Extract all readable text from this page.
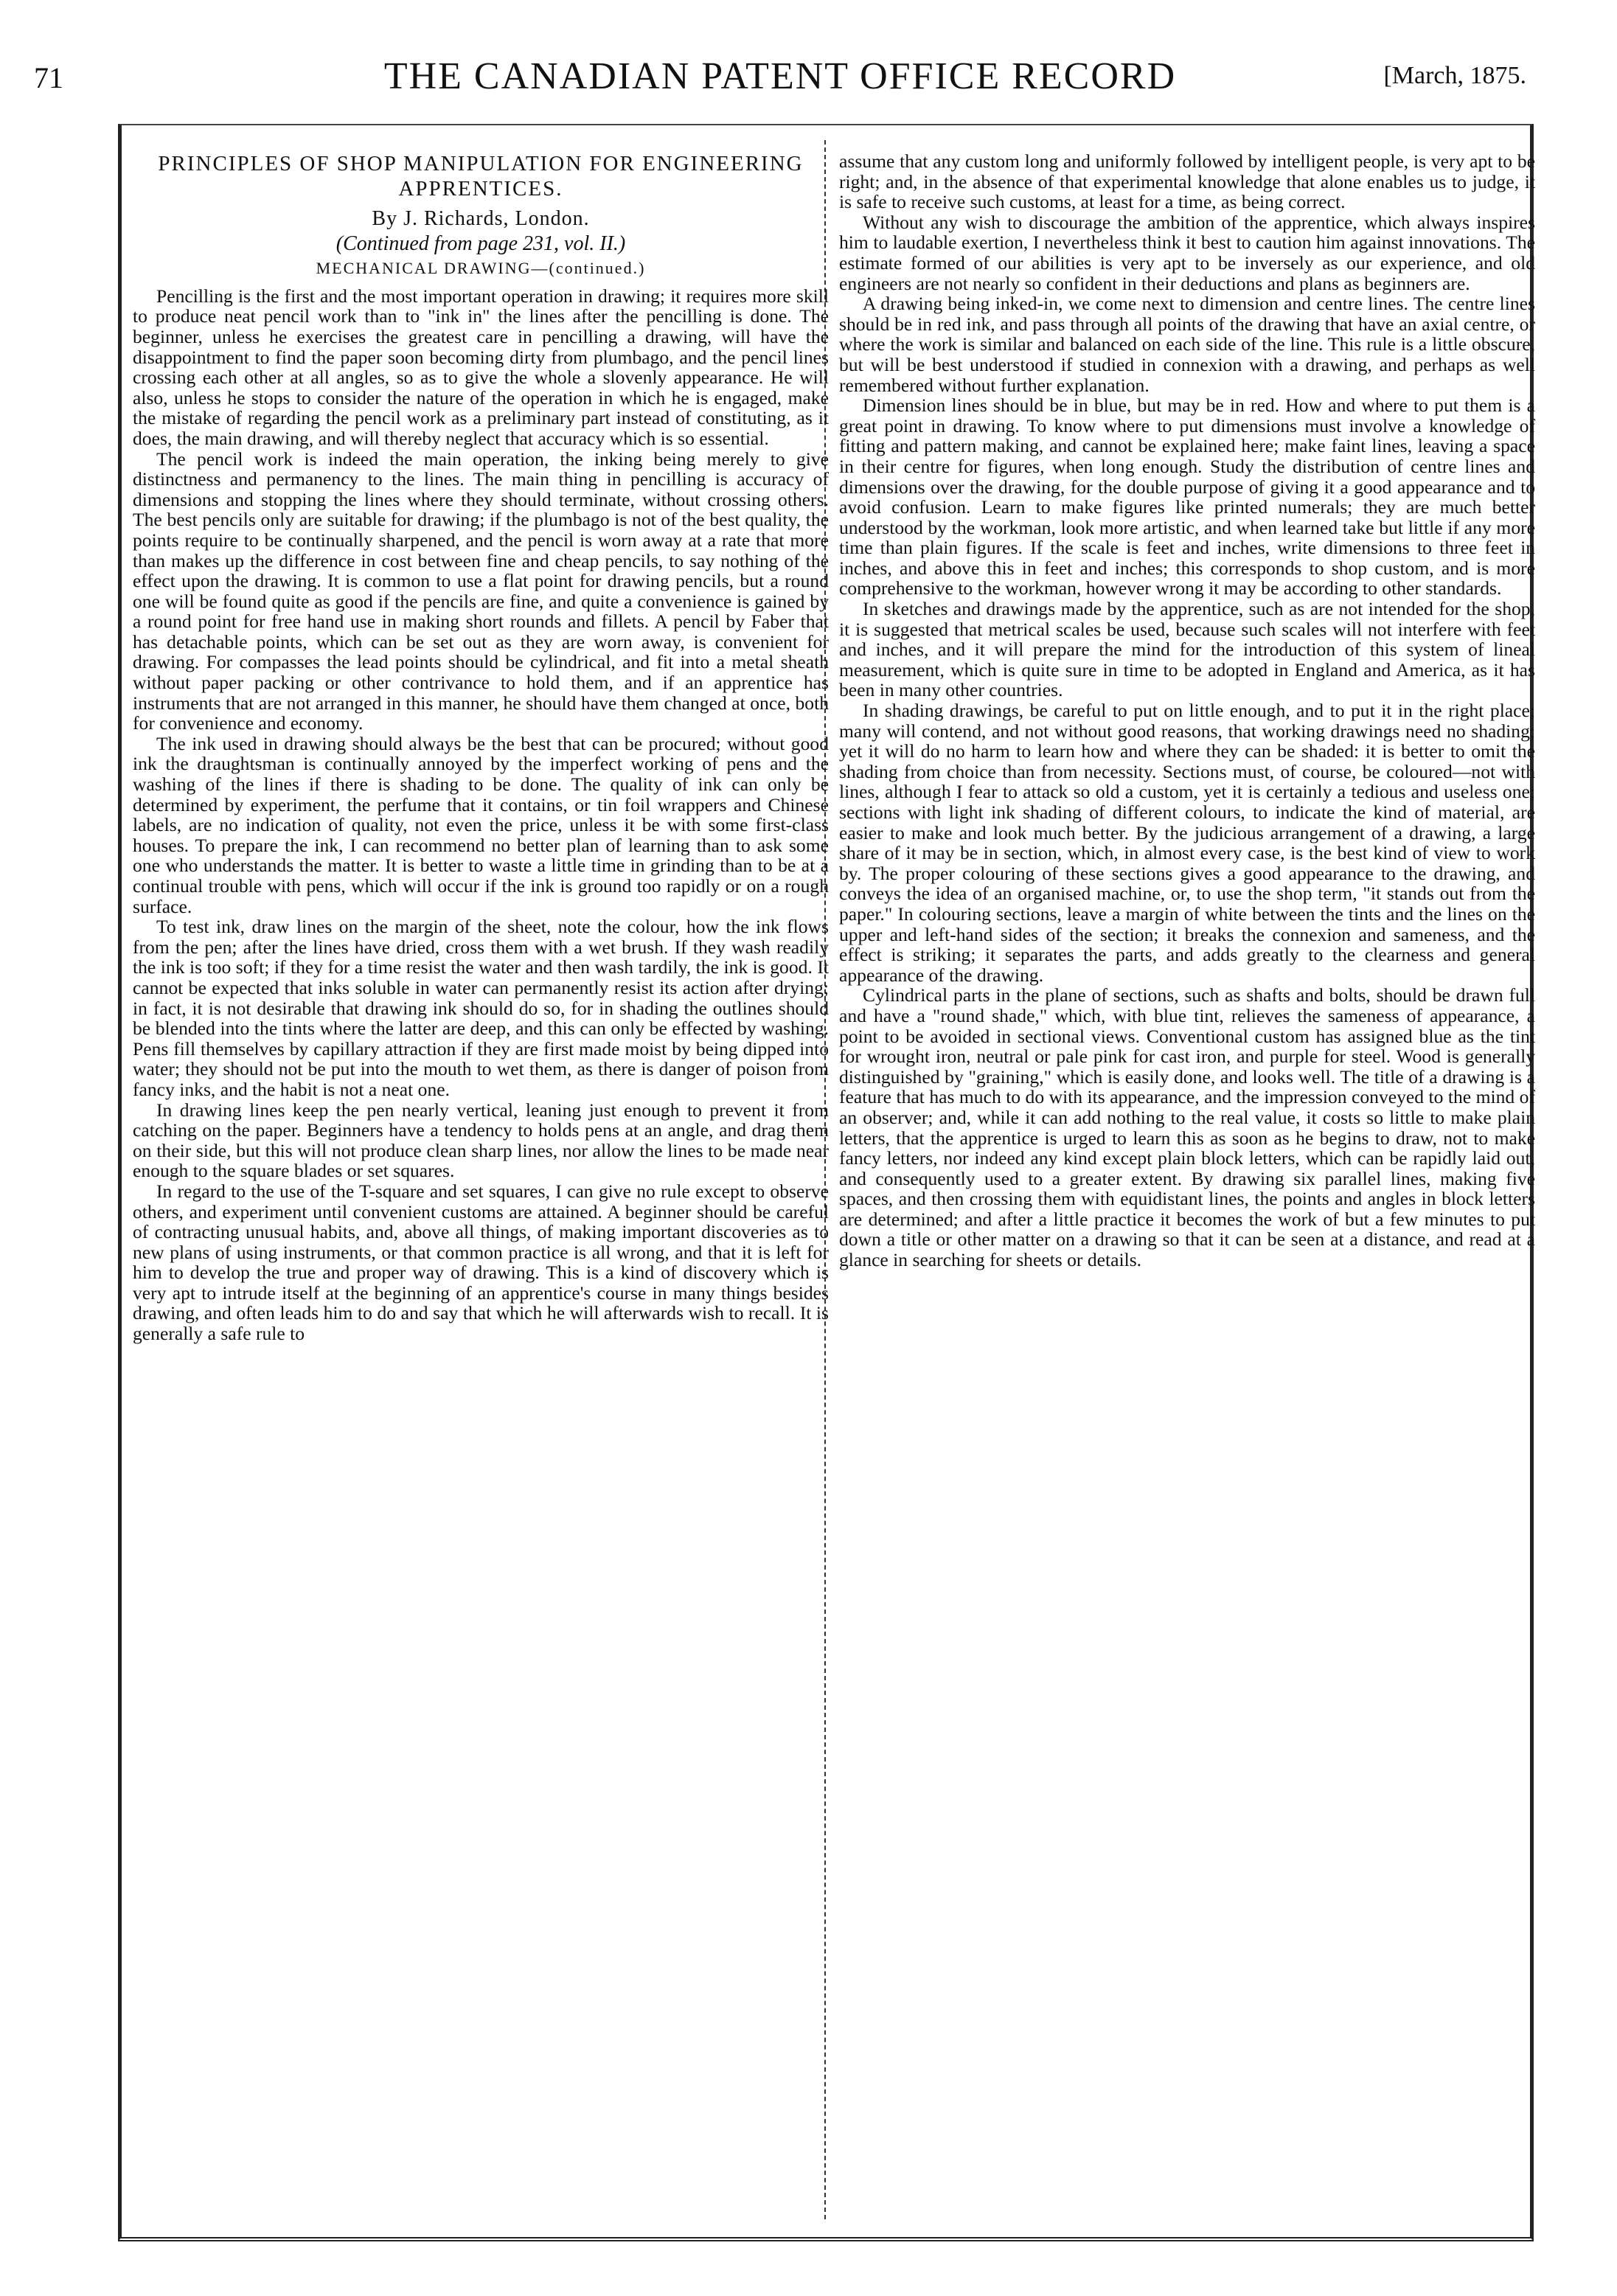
71	THE CANADIAN PATENT OFFICE RECORD	[March, 1875.
PRINCIPLES OF SHOP MANIPULATION FOR ENGINEERING APPRENTICES.
By J. Richards, London.
(Continued from page 231, vol. II.)
MECHANICAL DRAWING—(continued.)

Pencilling is the first and the most important operation in drawing; it requires more skill to produce neat pencil work than to "ink in" the lines after the pencilling is done. The beginner, unless he exercises the greatest care in pencilling a drawing, will have the disappointment to find the paper soon becoming dirty from plumbago, and the pencil lines crossing each other at all angles, so as to give the whole a slovenly appearance. He will also, unless he stops to consider the nature of the operation in which he is engaged, make the mistake of regarding the pencil work as a preliminary part instead of constituting, as it does, the main drawing, and will thereby neglect that accuracy which is so essential.

The pencil work is indeed the main operation, the inking being merely to give distinctness and permanency to the lines. The main thing in pencilling is accuracy of dimensions and stopping the lines where they should terminate, without crossing others. The best pencils only are suitable for drawing; if the plumbago is not of the best quality, the points require to be continually sharpened, and the pencil is worn away at a rate that more than makes up the difference in cost between fine and cheap pencils, to say nothing of the effect upon the drawing. It is common to use a flat point for drawing pencils, but a round one will be found quite as good if the pencils are fine, and quite a convenience is gained by a round point for free hand use in making short rounds and fillets. A pencil by Faber that has detachable points, which can be set out as they are worn away, is convenient for drawing. For compasses the lead points should be cylindrical, and fit into a metal sheath without paper packing or other contrivance to hold them, and if an apprentice has instruments that are not arranged in this manner, he should have them changed at once, both for convenience and economy.

The ink used in drawing should always be the best that can be procured; without good ink the draughtsman is continually annoyed by the imperfect working of pens and the washing of the lines if there is shading to be done. The quality of ink can only be determined by experiment, the perfume that it contains, or tin foil wrappers and Chinese labels, are no indication of quality, not even the price, unless it be with some first-class houses. To prepare the ink, I can recommend no better plan of learning than to ask some one who understands the matter. It is better to waste a little time in grinding than to be at a continual trouble with pens, which will occur if the ink is ground too rapidly or on a rough surface.

To test ink, draw lines on the margin of the sheet, note the colour, how the ink flows from the pen; after the lines have dried, cross them with a wet brush. If they wash readily the ink is too soft; if they for a time resist the water and then wash tardily, the ink is good. It cannot be expected that inks soluble in water can permanently resist its action after drying; in fact, it is not desirable that drawing ink should do so, for in shading the outlines should be blended into the tints where the latter are deep, and this can only be effected by washing. Pens fill themselves by capillary attraction if they are first made moist by being dipped into water; they should not be put into the mouth to wet them, as there is danger of poison from fancy inks, and the habit is not a neat one.

In drawing lines keep the pen nearly vertical, leaning just enough to prevent it from catching on the paper. Beginners have a tendency to holds pens at an angle, and drag them on their side, but this will not produce clean sharp lines, nor allow the lines to be made near enough to the square blades or set squares.

In regard to the use of the T-square and set squares, I can give no rule except to observe others, and experiment until convenient customs are attained. A beginner should be careful of contracting unusual habits, and, above all things, of making important discoveries as to new plans of using instruments, or that common practice is all wrong, and that it is left for him to develop the true and proper way of drawing. This is a kind of discovery which is very apt to intrude itself at the beginning of an apprentice's course in many things besides drawing, and often leads him to do and say that which he will afterwards wish to recall. It is generally a safe rule to

assume that any custom long and uniformly followed by intelligent people, is very apt to be right; and, in the absence of that experimental knowledge that alone enables us to judge, it is safe to receive such customs, at least for a time, as being correct.

Without any wish to discourage the ambition of the apprentice, which always inspires him to laudable exertion, I nevertheless think it best to caution him against innovations. The estimate formed of our abilities is very apt to be inversely as our experience, and old engineers are not nearly so confident in their deductions and plans as beginners are.

A drawing being inked-in, we come next to dimension and centre lines. The centre lines should be in red ink, and pass through all points of the drawing that have an axial centre, or where the work is similar and balanced on each side of the line. This rule is a little obscure, but will be best understood if studied in connexion with a drawing, and perhaps as well remembered without further explanation.

Dimension lines should be in blue, but may be in red. How and where to put them is a great point in drawing. To know where to put dimensions must involve a knowledge of fitting and pattern making, and cannot be explained here; make faint lines, leaving a space in their centre for figures, when long enough. Study the distribution of centre lines and dimensions over the drawing, for the double purpose of giving it a good appearance and to avoid confusion. Learn to make figures like printed numerals; they are much better understood by the workman, look more artistic, and when learned take but little if any more time than plain figures. If the scale is feet and inches, write dimensions to three feet in inches, and above this in feet and inches; this corresponds to shop custom, and is more comprehensive to the workman, however wrong it may be according to other standards.

In sketches and drawings made by the apprentice, such as are not intended for the shop, it is suggested that metrical scales be used, because such scales will not interfere with feet and inches, and it will prepare the mind for the introduction of this system of lineal measurement, which is quite sure in time to be adopted in England and America, as it has been in many other countries.

In shading drawings, be careful to put on little enough, and to put it in the right place; many will contend, and not without good reasons, that working drawings need no shading; yet it will do no harm to learn how and where they can be shaded: it is better to omit the shading from choice than from necessity. Sections must, of course, be coloured—not with lines, although I fear to attack so old a custom, yet it is certainly a tedious and useless one; sections with light ink shading of different colours, to indicate the kind of material, are easier to make and look much better. By the judicious arrangement of a drawing, a large share of it may be in section, which, in almost every case, is the best kind of view to work by. The proper colouring of these sections gives a good appearance to the drawing, and conveys the idea of an organised machine, or, to use the shop term, "it stands out from the paper." In colouring sections, leave a margin of white between the tints and the lines on the upper and left-hand sides of the section; it breaks the connexion and sameness, and the effect is striking; it separates the parts, and adds greatly to the clearness and general appearance of the drawing.

Cylindrical parts in the plane of sections, such as shafts and bolts, should be drawn full and have a "round shade," which, with blue tint, relieves the sameness of appearance, a point to be avoided in sectional views. Conventional custom has assigned blue as the tint for wrought iron, neutral or pale pink for cast iron, and purple for steel. Wood is generally distinguished by "graining," which is easily done, and looks well. The title of a drawing is a feature that has much to do with its appearance, and the impression conveyed to the mind of an observer; and, while it can add nothing to the real value, it costs so little to make plain letters, that the apprentice is urged to learn this as soon as he begins to draw, not to make fancy letters, nor indeed any kind except plain block letters, which can be rapidly laid out, and consequently used to a greater extent. By drawing six parallel lines, making five spaces, and then crossing them with equidistant lines, the points and angles in block letters are determined; and after a little practice it becomes the work of but a few minutes to put down a title or other matter on a drawing so that it can be seen at a distance, and read at a glance in searching for sheets or details.
